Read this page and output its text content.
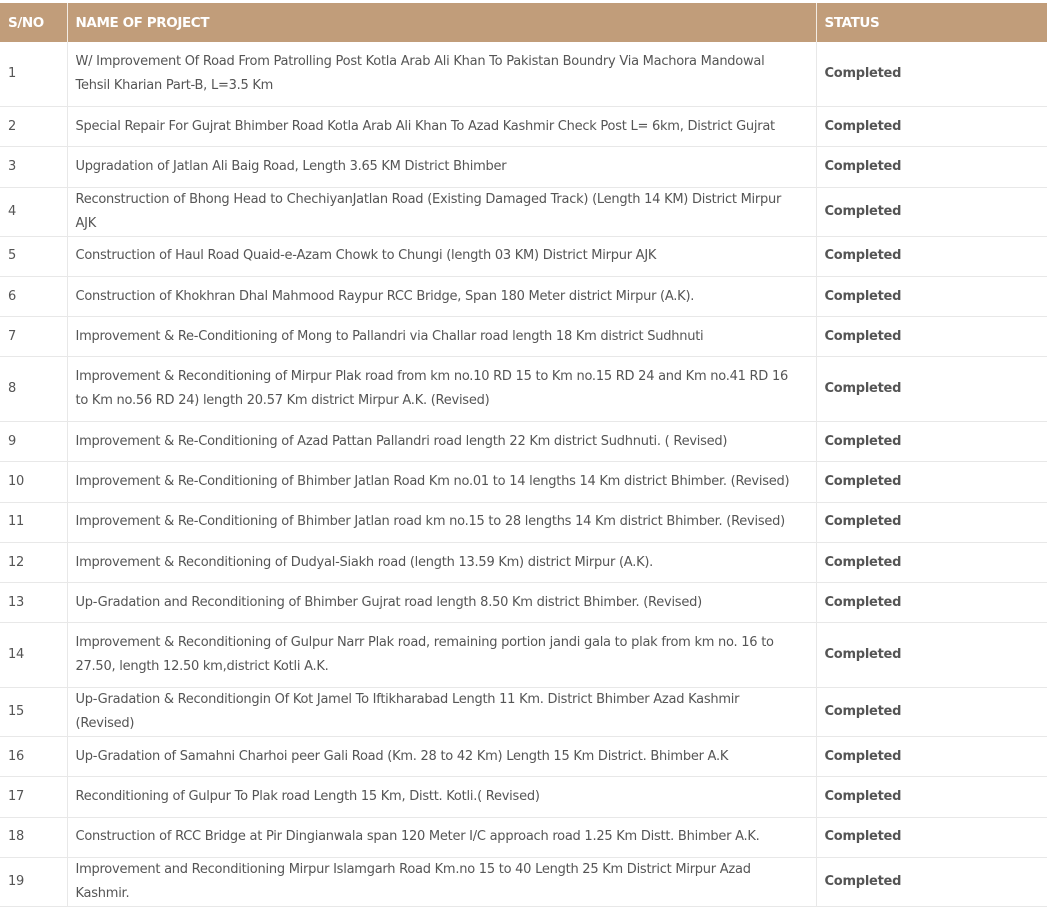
S/NO	NAME OF PROJECT	STATUS
1	W/ Improvement Of Road From Patrolling Post Kotla Arab Ali Khan To Pakistan Boundry Via Machora Mandowal Tehsil Kharian Part-B, L=3.5 Km	Completed
2	Special Repair For Gujrat Bhimber Road Kotla Arab Ali Khan To Azad Kashmir Check Post L= 6km, District Gujrat	Completed
3	Upgradation of Jatlan Ali Baig Road, Length 3.65 KM District Bhimber	Completed
4	Reconstruction of Bhong Head to ChechiyanJatlan Road (Existing Damaged Track) (Length 14 KM) District Mirpur AJK	Completed
5	Construction of Haul Road Quaid-e-Azam Chowk to Chungi (length 03 KM) District Mirpur AJK	Completed
6	Construction of Khokhran Dhal Mahmood Raypur RCC Bridge, Span 180 Meter district Mirpur (A.K).	Completed
7	Improvement & Re-Conditioning of Mong to Pallandri via Challar road length 18 Km district Sudhnuti	Completed
8	Improvement & Reconditioning of Mirpur Plak road from km no.10 RD 15 to Km no.15 RD 24 and Km no.41 RD 16 to Km no.56 RD 24) length 20.57 Km district Mirpur A.K. (Revised)	Completed
9	Improvement & Re-Conditioning of Azad Pattan Pallandri road length 22 Km district Sudhnuti. ( Revised)	Completed
10	Improvement & Re-Conditioning of Bhimber Jatlan Road Km no.01 to 14 lengths 14 Km district Bhimber. (Revised)	Completed
11	Improvement & Re-Conditioning of Bhimber Jatlan road km no.15 to 28 lengths 14 Km district Bhimber. (Revised)	Completed
12	Improvement & Reconditioning of Dudyal-Siakh road (length 13.59 Km) district Mirpur (A.K).	Completed
13	Up-Gradation and Reconditioning of Bhimber Gujrat road length 8.50 Km district Bhimber. (Revised)	Completed
14	Improvement & Reconditioning of Gulpur Narr Plak road, remaining portion jandi gala to plak from km no. 16 to 27.50, length 12.50 km,district Kotli A.K.	Completed
15	Up-Gradation & Reconditiongin Of Kot Jamel To Iftikharabad Length 11 Km. District Bhimber Azad Kashmir (Revised)	Completed
16	Up-Gradation of Samahni Charhoi peer Gali Road (Km. 28 to 42 Km) Length 15 Km District. Bhimber A.K	Completed
17	Reconditioning of Gulpur To Plak road Length 15 Km, Distt. Kotli.( Revised)	Completed
18	Construction of RCC Bridge at Pir Dingianwala span 120 Meter I/C approach road 1.25 Km Distt. Bhimber A.K.	Completed
19	Improvement and Reconditioning Mirpur Islamgarh Road Km.no 15 to 40 Length 25 Km District Mirpur Azad Kashmir.	Completed
